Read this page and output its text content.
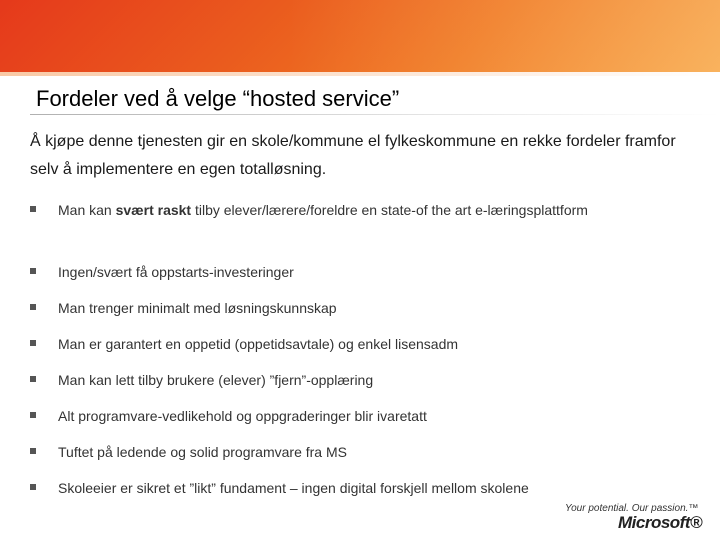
Fordeler ved å velge “hosted service”
Å kjøpe denne tjenesten gir en skole/kommune el fylkeskommune en rekke fordeler framfor selv å implementere en egen totalløsning.
Man kan svært raskt tilby elever/lærere/foreldre en state-of the art e-læringsplattform
Ingen/svært få oppstarts-investeringer
Man trenger minimalt med løsningskunnskap
Man er garantert en oppetid (oppetidsavtale) og enkel lisensadm
Man kan lett tilby brukere (elever) ”fjern”-opplæring
Alt programvare-vedlikehold og oppgraderinger blir ivaretatt
Tuftet på ledende og solid programvare fra MS
Skoleeier er sikret et ”likt” fundament – ingen digital forskjell mellom skolene
Your potential. Our passion.™
Microsoft®
